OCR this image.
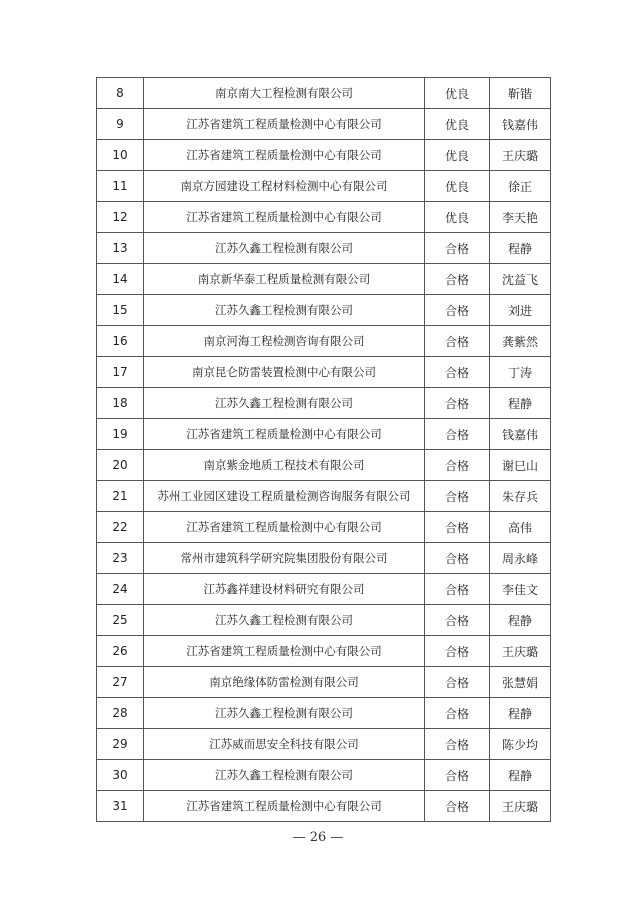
8	南京南大工程检测有限公司	优良	靳锴
9	江苏省建筑工程质量检测中心有限公司	优良	钱嘉伟
10	江苏省建筑工程质量检测中心有限公司	优良	王庆璐
11	南京方园建设工程材料检测中心有限公司	优良	徐正
12	江苏省建筑工程质量检测中心有限公司	优良	李天艳
13	江苏久鑫工程检测有限公司	合格	程静
14	南京新华泰工程质量检测有限公司	合格	沈益飞
15	江苏久鑫工程检测有限公司	合格	刘进
16	南京河海工程检测咨询有限公司	合格	龚紫然
17	南京昆仑防雷装置检测中心有限公司	合格	丁涛
18	江苏久鑫工程检测有限公司	合格	程静
19	江苏省建筑工程质量检测中心有限公司	合格	钱嘉伟
20	南京紫金地质工程技术有限公司	合格	谢巳山
21	苏州工业园区建设工程质量检测咨询服务有限公司	合格	朱存兵
22	江苏省建筑工程质量检测中心有限公司	合格	高伟
23	常州市建筑科学研究院集团股份有限公司	合格	周永峰
24	江苏鑫祥建设材料研究有限公司	合格	李佳文
25	江苏久鑫工程检测有限公司	合格	程静
26	江苏省建筑工程质量检测中心有限公司	合格	王庆璐
27	南京绝缘体防雷检测有限公司	合格	张慧娟
28	江苏久鑫工程检测有限公司	合格	程静
29	江苏威而思安全科技有限公司	合格	陈少均
30	江苏久鑫工程检测有限公司	合格	程静
31	江苏省建筑工程质量检测中心有限公司	合格	王庆璐
— 26 —
